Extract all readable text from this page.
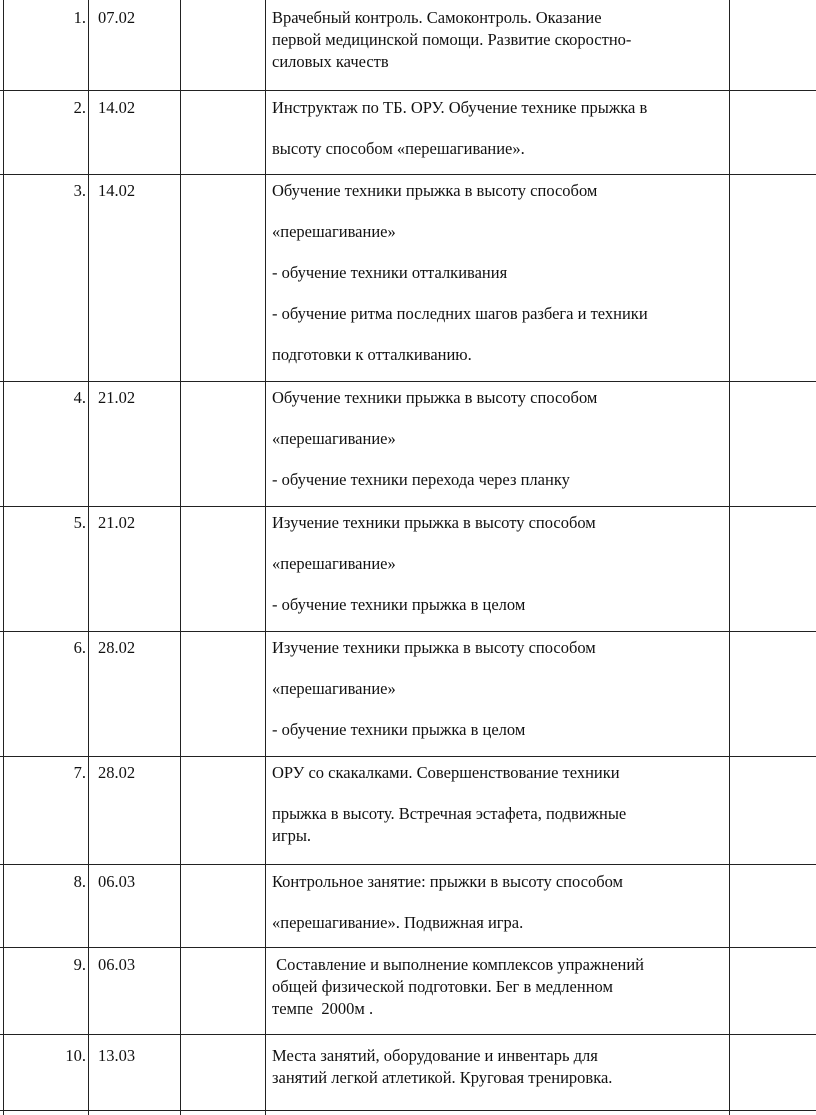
1. 07.02	Врачебный контроль. Самоконтроль. Оказание
первой медицинской помощи. Развитие скоростно-
силовых качеств
2. 14.02	Инструктаж по ТБ. ОРУ. Обучение технике прыжка в
высоту способом «перешагивание».
3. 14.02	Обучение техники прыжка в высоту способом
«перешагивание»
- обучение техники отталкивания
- обучение ритма последних шагов разбега и техники
подготовки к отталкиванию.
4. 21.02	Обучение техники прыжка в высоту способом
«перешагивание»
- обучение техники перехода через планку
5. 21.02	Изучение техники прыжка в высоту способом
«перешагивание»
- обучение техники прыжка в целом
6. 28.02	Изучение техники прыжка в высоту способом
«перешагивание»
- обучение техники прыжка в целом
7. 28.02	ОРУ со скакалками. Совершенствование техники
прыжка в высоту. Встречная эстафета, подвижные
игры.
8. 06.03	Контрольное занятие: прыжки в высоту способом
«перешагивание». Подвижная игра.
9. 06.03	Составление и выполнение комплексов упражнений
общей физической подготовки. Бег в медленном
темпе  2000м .
10. 13.03	Места занятий, оборудование и инвентарь для
занятий легкой атлетикой. Круговая тренировка.
